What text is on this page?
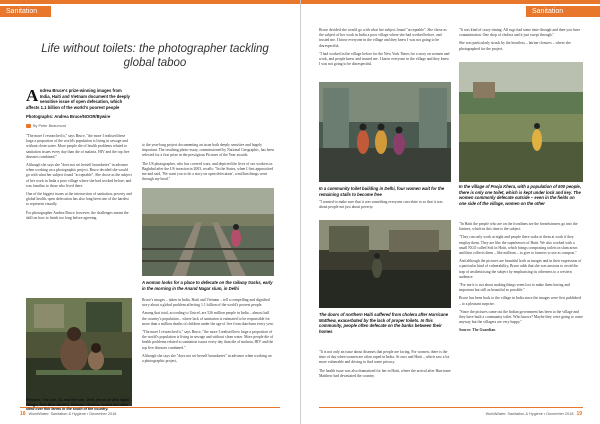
Sanitation
Life without toilets: the photographer tackling global taboo
Andrea Bruce's prize-winning images from India, Haiti and Vietnam document the deeply sensitive issue of open defecation, which affects 1.1 billion of the world's poorest people
Photographs: Andrea Bruce/NOOR/Bywire
By Peter Beaumont

"The more I researched it," says Bruce, "the more I realised these large a proportion of the world's population is living in sewage and without clean water. More people die of health problems related to sanitation issues every day than die of malaria, HIV and the top five diseases combined."

Although she says she "does not set herself boundaries" in advance when working on a photographic project, Bruce decided she would go with what her subject found "acceptable". She chose as the subject of her work in India a poor village where she had worked before, and was familiar to those who lived there.

One of the biggest issues at the intersection of sanitation, poverty and global health, open defecation has also long been one of the hardest to represent visually.

For photographer Andrea Bruce, however, the challenges meant the skill on how to finish too long before agreeing

to the year-long project documenting an issue both deeply sensitive and hugely important. The resulting photo-essay, commissioned by National Geographic, has been selected for a first prize in the prestigious Pictures of the Year awards.

The US photographer, who has covered wars, and depicted the lives of sex workers in Baghdad after the US invasion in 2003, recalls: "In the States, when I first approached me and said, 'We want you to do a story on open defecation', a million things went through my head."

A woman looks for a place to defecate on the railway tracks, early in the morning in the Anand Nagar slum, in Delhi

Bruce's images – taken in India, Haiti and Vietnam – tell a compelling and dignified story about a global problem affecting 1.1 billion of the world's poorest people.

Among that total, according to Unicef, are 526 million people in India – almost half the country's population – where lack of sanitation is estimated to be responsible for more than a million deaths of children under the age of five from diarrhoea every year.

"The more I researched it," says Bruce, "the more I realised how large a proportion of the world's population is living in sewage and without clean water. More people die of health problems related to sanitation issues every day than die of malaria, HIV and the top five diseases combined."

Although she says she "does not set herself boundaries" in advance when working on a photographic project,

18 WorldWater: Sanitation & Hygiene • December 2018
Pictures: The Lim, 11, and her son, Vinh, jim as at Vinh Ngan village, Tinh Bien district, Vietnam. Outdoor toilets are often sited over fish farms in the south of the country.
Sanitation

Bruce decided she would go with what her subject found "acceptable". She chose as the subject of her work in India a poor village where she had worked before, and trusted me. I know everyone in the village and they knew I was not going to be disrespectful.

"I had worked in the village before for the New York Times for a story on women and work, and people knew and trusted me. I know everyone in the village and they knew I was not going to be disrespectful.

In a community toilet building in Delhi, four women wait for the remaining stalls to become free

"I wanted to make sure that it was something everyone can relate to so that it was about people not just about poverty.

The doors of northern Haiti suffered from cholera after Hurricane Matthew, exacerbated by the lack of proper toilets. In this community, people often defecate on the banks between their homes

"It is not only an issue about diseases that people are facing. For women, there is the time of day when women are often raped in India. At ours and Haiti – which saw a lot more vulnerable and driving to find some privacy.

The health issue was also dramatized for her in Haiti, where the arrival after Hurricane Matthew had devastated the country.

"It was kind of crazy timing. All rugs had some time through and then you have contamination. One drop of cholera and it just swept through."

She was particularly struck by the heartless – latrine closures – where she photographed for the project.

In the village of Pooja Khera, with a population of 600 people, there is only one toilet, which is kept under lock and key. The women commonly defecate outside – even in the fields on one side of the village, women on the other

"In Haiti the people who are on the frontlines are the breadwinners go into the latrines, which in this time is the subject.

"They can only work at night and people there wake at them at work if they employ them. They are like the superheroes of Haiti. We also worked with a small NGO called Soil in Haiti, which brings composting toilets in slum areas and then collects them – like millions – to give to farmers to use as compost."

And although the pictures are beautiful both as images and in their expression of a particular kind of vulnerability, Bruce adds that she was anxious to avoid the trap of aestheticising the subject by emphasising its otherness to a western audience.

"For me it is not about making things seem lost to make them boring and important but still as beautiful as possible."

Bruce has been back to the village in India since the images were first published – to a pleasant surprise.

"Since the pictures came out the Indian government has been to the village and they have built a community toilet. Who knows? Maybe they were going to come anyway but the villagers are very happy."

Source: The Guardian

WorldWater: Sanitation & Hygiene • December 2018 19
